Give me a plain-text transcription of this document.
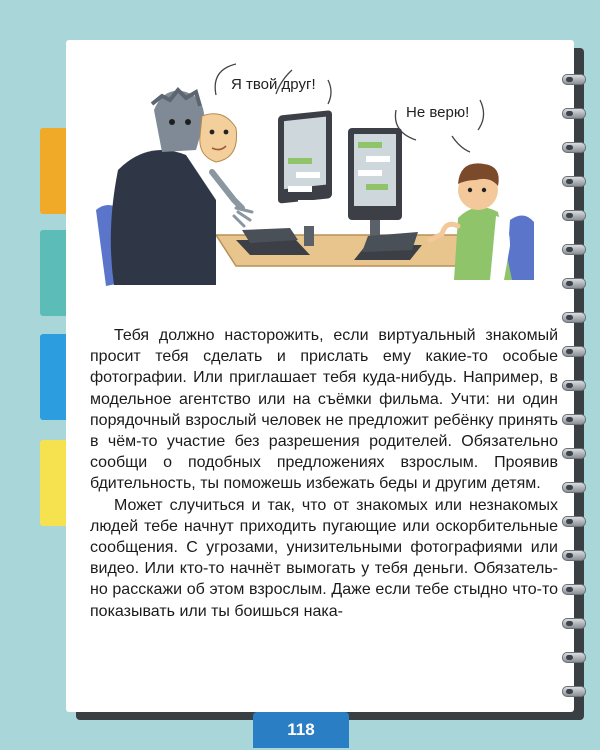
Я твой друг!
Не верю!

Тебя должно насторожить, если виртуальный знакомый просит тебя сделать и прислать ему какие-то особые фотографии. Или приглашает тебя куда-нибудь. Например, в модельное агентство или на съёмки фильма. Учти: ни один порядочный взрослый человек не предложит ребёнку принять в чём-то участие без разрешения родителей. Обязательно сообщи о подобных предложениях взрослым. Проявив бдительность, ты поможешь избежать беды и другим детям.

Может случиться и так, что от знакомых или незнакомых людей тебе начнут приходить пугающие или оскорбительные сообщения. С угрозами, унизительными фотографиями или видео. Или кто-то начнёт вымогать у тебя деньги. Обязательно расскажи об этом взрослым. Даже если тебе стыдно что-то показывать или ты боишься нака-

118
